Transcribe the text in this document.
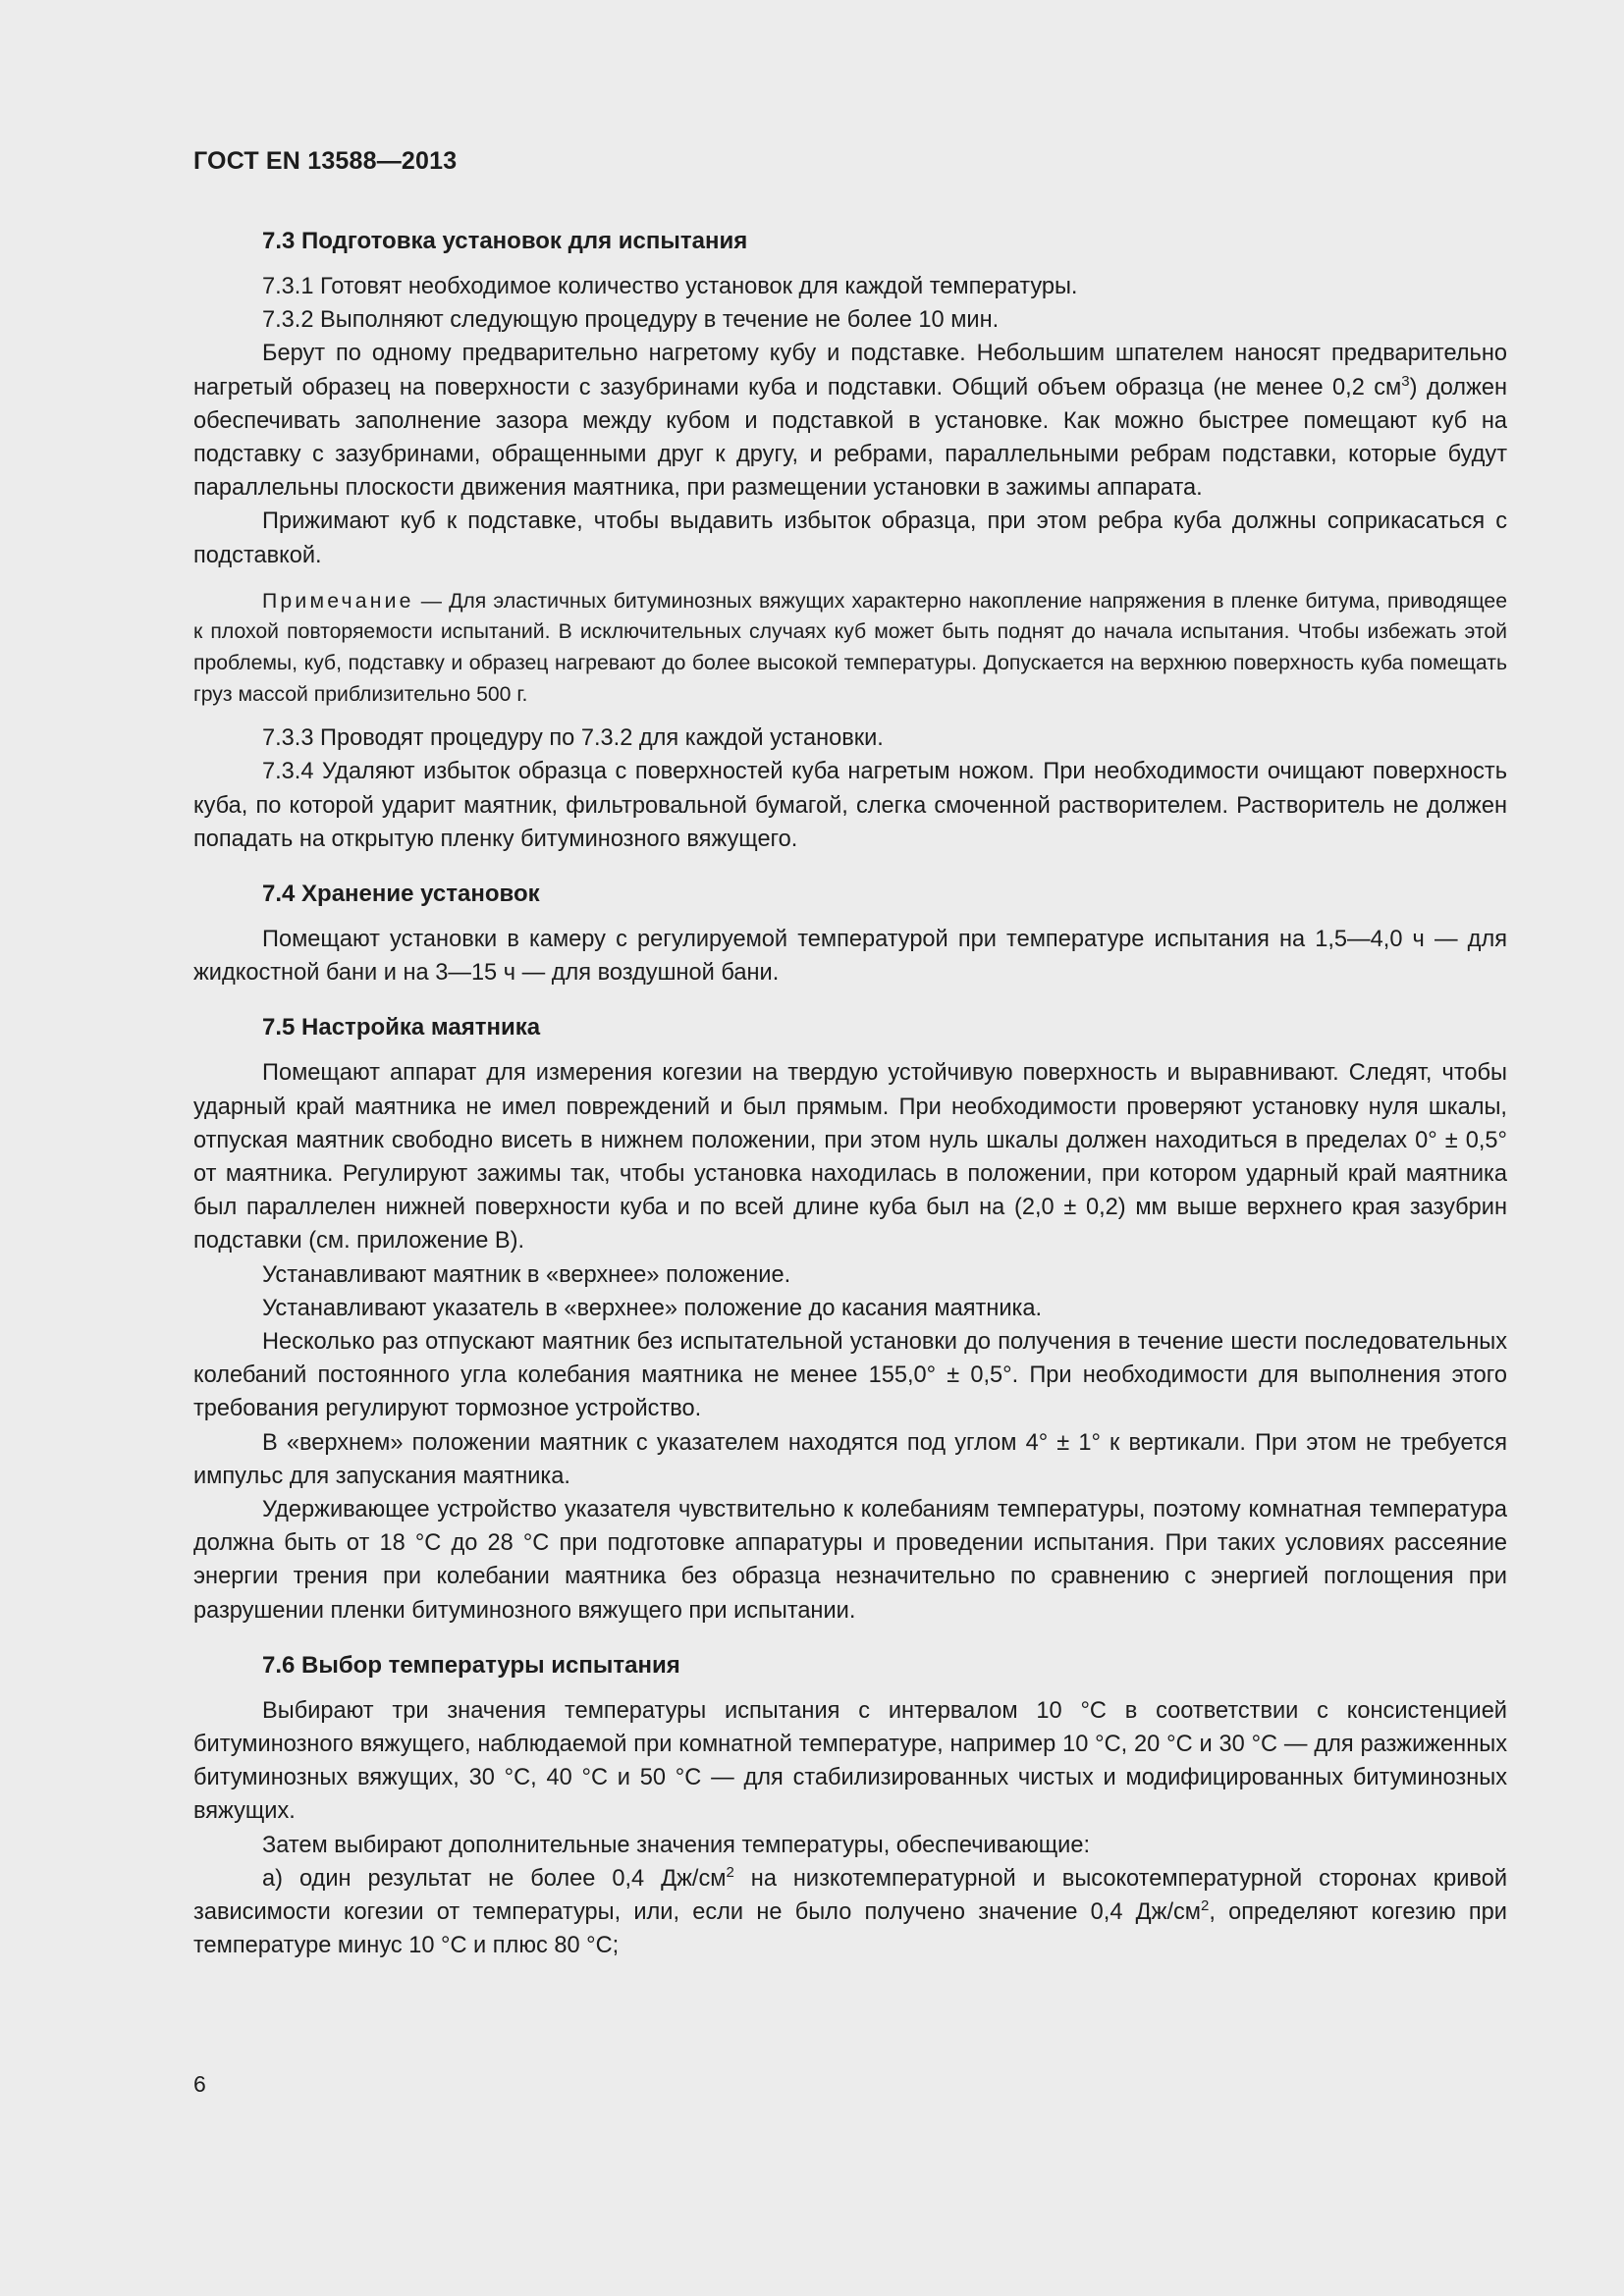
ГОСТ EN 13588—2013
7.3 Подготовка установок для испытания

7.3.1 Готовят необходимое количество установок для каждой температуры.

7.3.2 Выполняют следующую процедуру в течение не более 10 мин.

Берут по одному предварительно нагретому кубу и подставке. Небольшим шпателем наносят предварительно нагретый образец на поверхности с зазубринами куба и подставки. Общий объем образца (не менее 0,2 $см^3$) должен обеспечивать заполнение зазора между кубом и подставкой в установке. Как можно быстрее помещают куб на подставку с зазубринами, обращенными друг к другу, и ребрами, параллельными ребрам подставки, которые будут параллельны плоскости движения маятника, при размещении установки в зажимы аппарата.

Прижимают куб к подставке, чтобы выдавить избыток образца, при этом ребра куба должны соприкасаться с подставкой.

Примечание — Для эластичных битуминозных вяжущих характерно накопление напряжения в пленке битума, приводящее к плохой повторяемости испытаний. В исключительных случаях куб может быть поднят до начала испытания. Чтобы избежать этой проблемы, куб, подставку и образец нагревают до более высокой температуры. Допускается на верхнюю поверхность куба помещать груз массой приблизительно 500 г.

7.3.3 Проводят процедуру по 7.3.2 для каждой установки.

7.3.4 Удаляют избыток образца с поверхностей куба нагретым ножом. При необходимости очищают поверхность куба, по которой ударит маятник, фильтровальной бумагой, слегка смоченной растворителем. Растворитель не должен попадать на открытую пленку битуминозного вяжущего.

7.4 Хранение установок

Помещают установки в камеру с регулируемой температурой при температуре испытания на 1,5—4,0 ч — для жидкостной бани и на 3—15 ч — для воздушной бани.

7.5 Настройка маятника

Помещают аппарат для измерения когезии на твердую устойчивую поверхность и выравнивают. Следят, чтобы ударный край маятника не имел повреждений и был прямым. При необходимости проверяют установку нуля шкалы, отпуская маятник свободно висеть в нижнем положении, при этом нуль шкалы должен находиться в пределах 0° ± 0,5° от маятника. Регулируют зажимы так, чтобы установка находилась в положении, при котором ударный край маятника был параллелен нижней поверхности куба и по всей длине куба был на (2,0 ± 0,2) мм выше верхнего края зазубрин подставки (см. приложение В).

Устанавливают маятник в «верхнее» положение.

Устанавливают указатель в «верхнее» положение до касания маятника.

Несколько раз отпускают маятник без испытательной установки до получения в течение шести последовательных колебаний постоянного угла колебания маятника не менее 155,0° ± 0,5°. При необходимости для выполнения этого требования регулируют тормозное устройство.

В «верхнем» положении маятник с указателем находятся под углом 4° ± 1° к вертикали. При этом не требуется импульс для запускания маятника.

Удерживающее устройство указателя чувствительно к колебаниям температуры, поэтому комнатная температура должна быть от 18 °С до 28 °С при подготовке аппаратуры и проведении испытания. При таких условиях рассеяние энергии трения при колебании маятника без образца незначительно по сравнению с энергией поглощения при разрушении пленки битуминозного вяжущего при испытании.

7.6 Выбор температуры испытания

Выбирают три значения температуры испытания с интервалом 10 °С в соответствии с консистенцией битуминозного вяжущего, наблюдаемой при комнатной температуре, например 10 °С, 20 °С и 30 °С — для разжиженных битуминозных вяжущих, 30 °С, 40 °С и 50 °С — для стабилизированных чистых и модифицированных битуминозных вяжущих.

Затем выбирают дополнительные значения температуры, обеспечивающие:

а) один результат не более 0,4 $Дж/см^2$ на низкотемпературной и высокотемпературной сторонах кривой зависимости когезии от температуры, или, если не было получено значение 0,4 $Дж/см^2$, определяют когезию при температуре минус 10 °С и плюс 80 °С;

6
